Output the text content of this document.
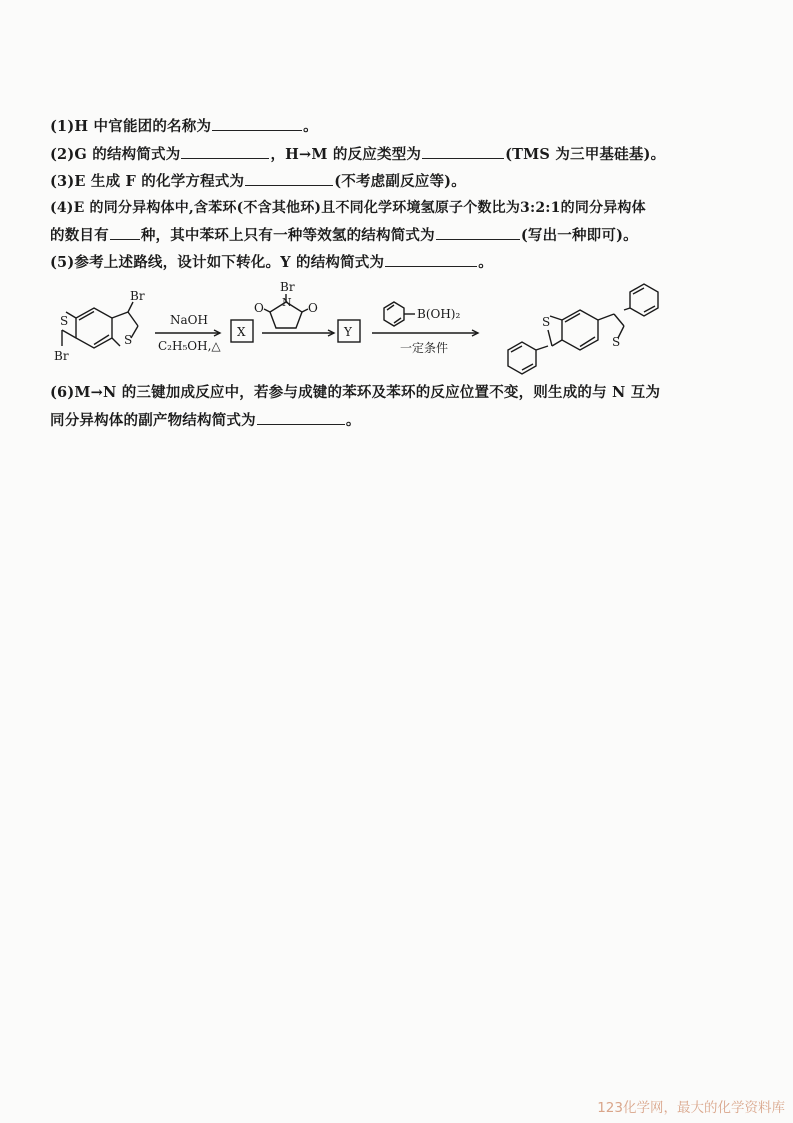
(1)H 中官能团的名称为	。
(2)G 的结构简式为	，H→M 的反应类型为	(TMS 为三甲基硅基)。
(3)E 生成 F 的化学方程式为	(不考虑副反应等)。
(4)E 的同分异构体中,含苯环(不含其他环)且不同化学环境氢原子个数比为3:2:1的同分异构体
的数目有 种，其中苯环上只有一种等效氢的结构简式为	(写出一种即可)。
(5)参考上述路线，设计如下转化。Y 的结构简式为	。
S
S
Br
Br
NaOH
C₂H₅OH,△
X
Br
N
O	O
Y
B(OH)₂
一定条件
S
S
(6)M→N 的三键加成反应中，若参与成键的苯环及苯环的反应位置不变，则生成的与 N 互为
同分异构体的副产物结构简式为	。
123化学网，最大的化学资料库
